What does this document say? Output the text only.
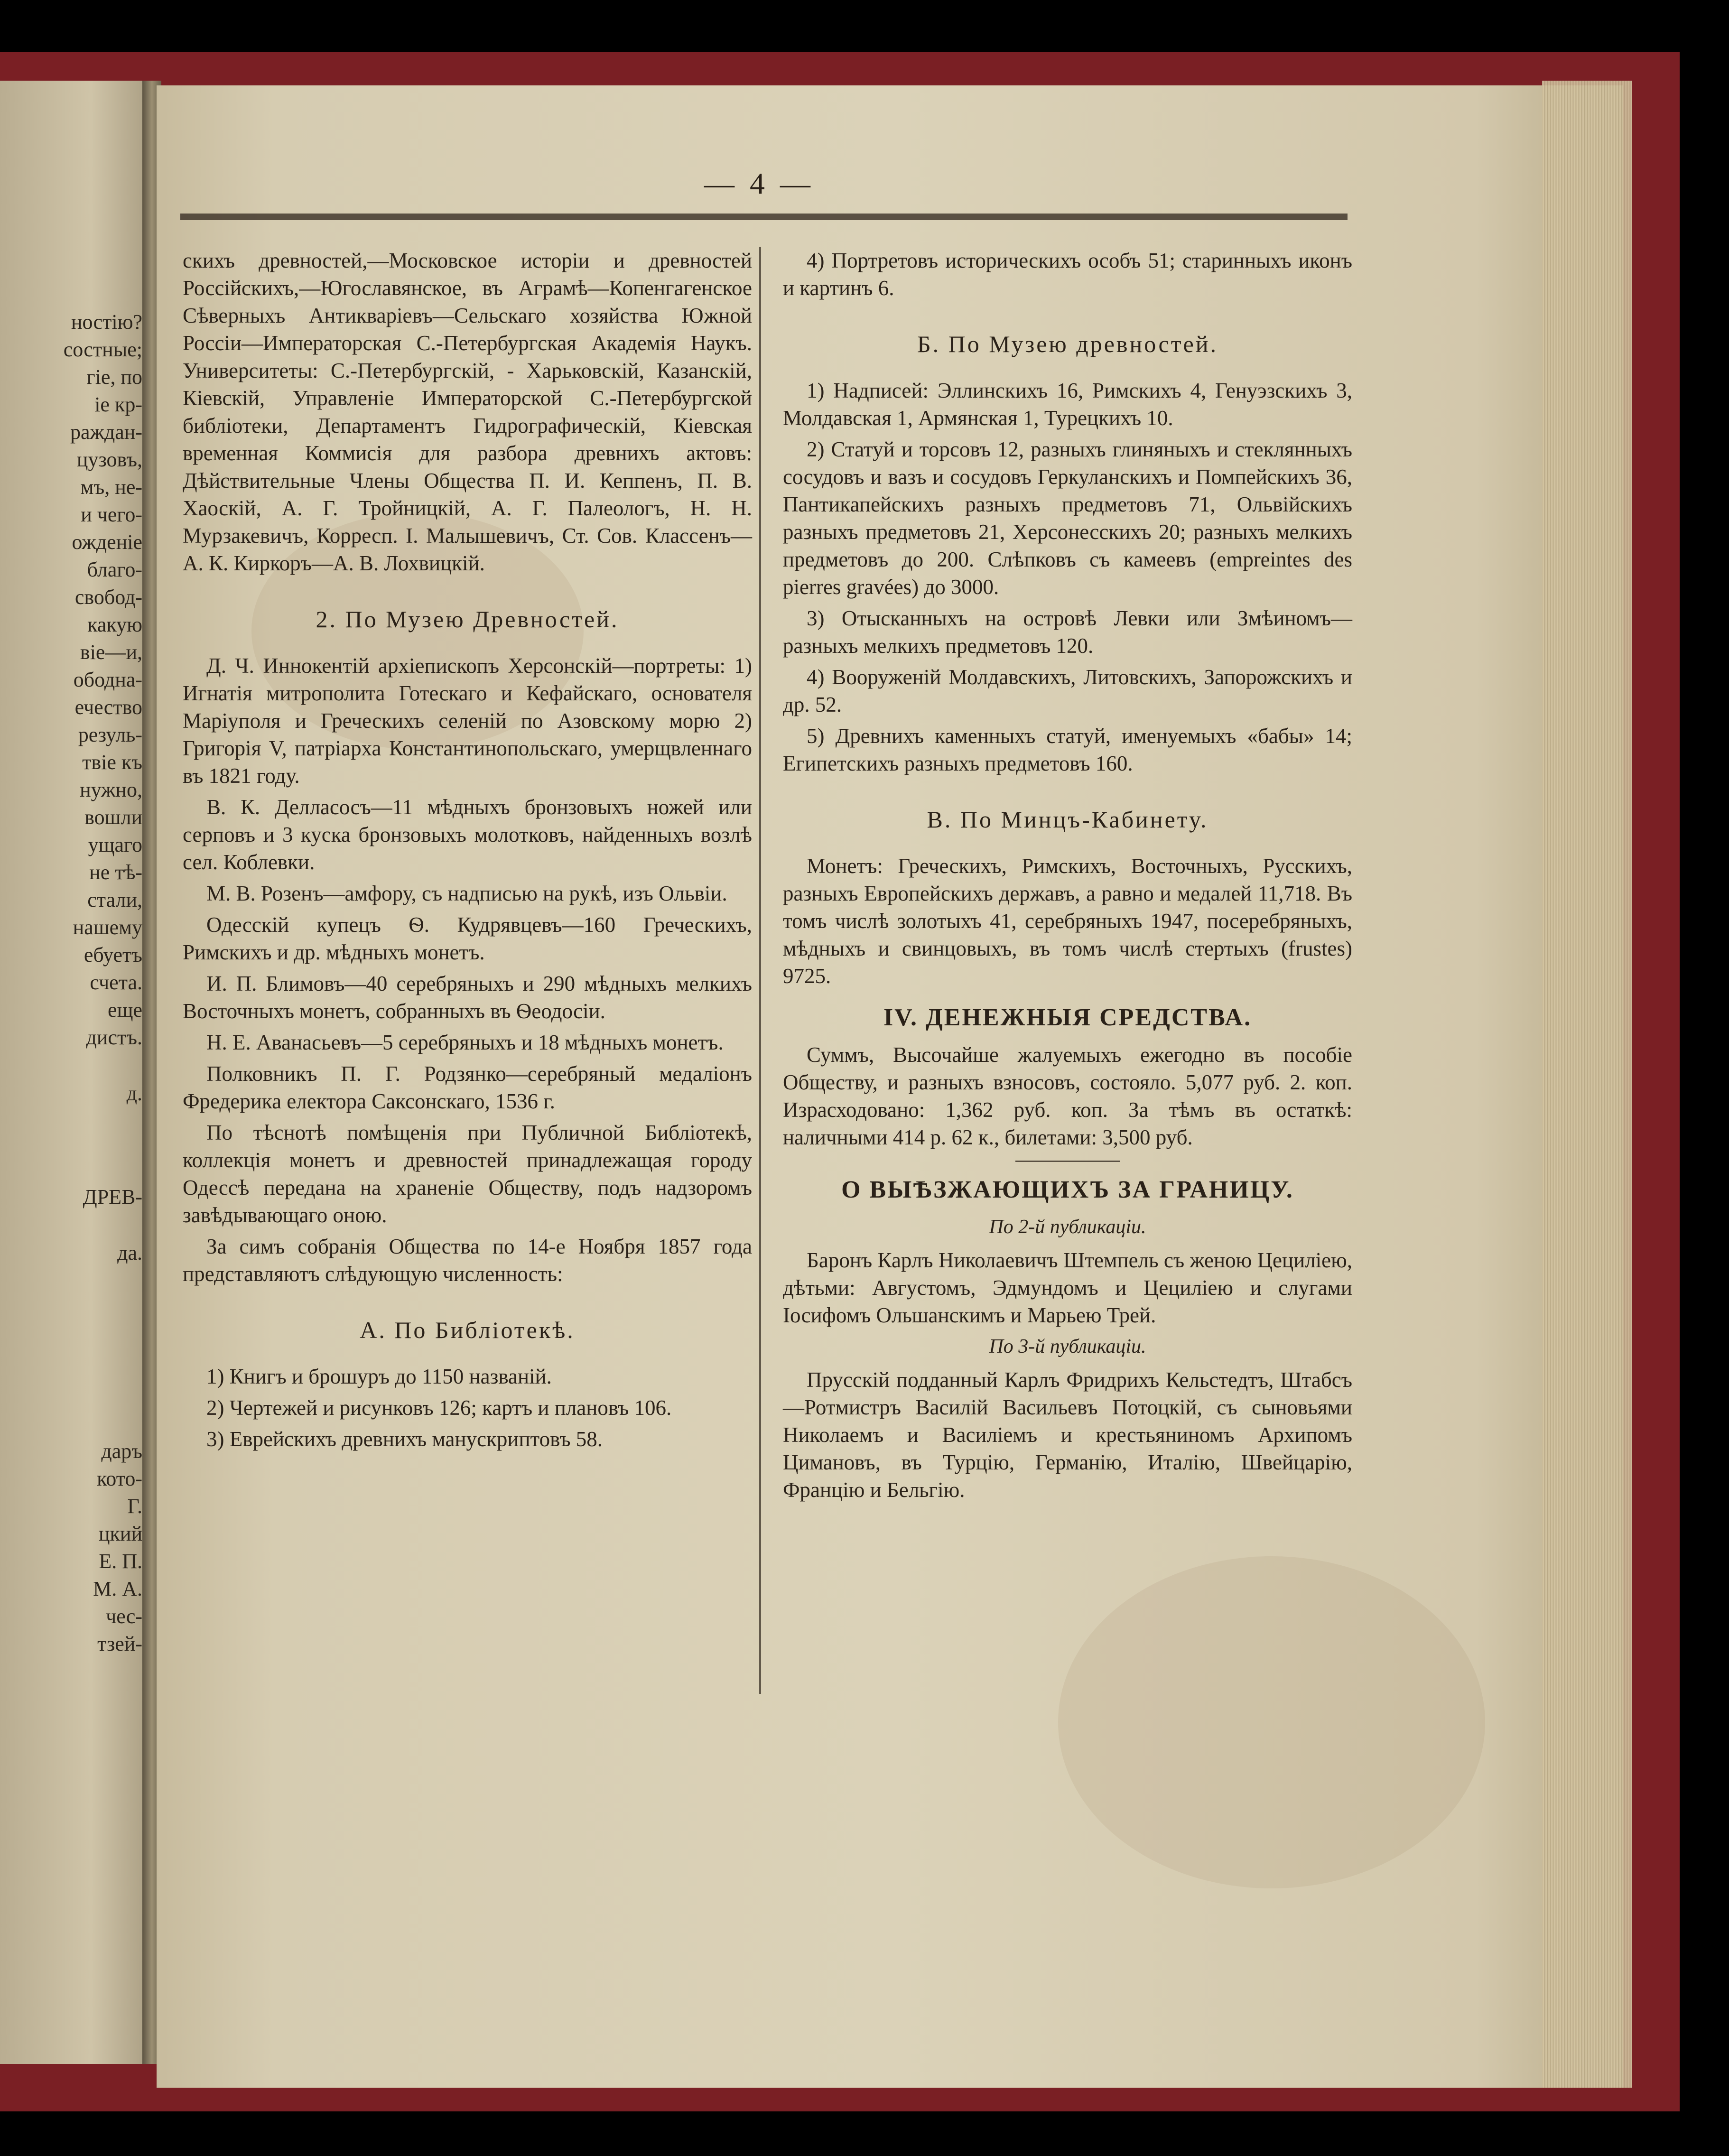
ностію?
состные;
гіе, по
іе кр-
раждан-
цузовъ,
мъ, не-
и чего-
ожденіе
благо-
свобод-
какую
віе—и,
ободна-
ечество
резуль-
твіе къ
нужно,
вошли
ущаго
не тѣ-
стали,
нашему
ебуетъ
счета.
ещe
дистъ.
д.
ДРЕВ-
да.
даръ
кото-
Г.
цкий
Е. П.
М. А.
чес-
тзей-
— 4 —

скихъ древностей,—Московское исторіи и древностей Россійскихъ,—Югославянское, въ Аграмѣ—Копенгагенское Сѣверныхъ Антикваріевъ—Сельскаго хозяйства Южной Россіи—Императорская С.-Петербургская Академія Наукъ. Университеты: С.-Петербургскій, - Харьковскій, Казанскій, Кіевскій, Управленіе Императорской С.-Петербургской библіотеки, Департаментъ Гидрографическій, Кіевская временная Коммисія для разбора древнихъ актовъ: Дѣйствительные Члены Общества П. И. Кеппенъ, П. В. Хаоскій, А. Г. Тройницкій, А. Г. Палеологъ, Н. Н. Мурзакевичъ, Корресп. І. Малышевичъ, Ст. Сов. Классенъ—А. К. Киркоръ—А. В. Лохвицкій.

2. По Музею Древностей.

Д. Ч. Иннокентій архіепископъ Херсонскій—портреты: 1) Игнатія митрополита Готескаго и Кефайскаго, основателя Маріуполя и Греческихъ селеній по Азовскому морю 2) Григорія V, патріарха Константинопольскаго, умерщвленнаго въ 1821 году.

В. К. Делласосъ—11 мѣдныхъ бронзовыхъ ножей или серповъ и 3 куска бронзовыхъ молотковъ, найденныхъ возлѣ сел. Коблевки.

М. В. Розенъ—амфору, съ надписью на рукѣ, изъ Ольвіи.

Одесскій купецъ Ѳ. Кудрявцевъ—160 Греческихъ, Римскихъ и др. мѣдныхъ монетъ.

И. П. Блимовъ—40 серебряныхъ и 290 мѣдныхъ мелкихъ Восточныхъ монетъ, собранныхъ въ Ѳеодосіи.

Н. Е. Аванасьевъ—5 серебряныхъ и 18 мѣдныхъ монетъ.

Полковникъ П. Г. Родзянко—серебряный медаліонъ Фредерика електора Саксонскаго, 1536 г.

По тѣснотѣ помѣщенія при Публичной Библіотекѣ, коллекція монетъ и древностей принадлежащая городу Одессѣ передана на храненіе Обществу, подъ надзоромъ завѣдывающаго оною.

За симъ собранія Общества по 14-е Ноября 1857 года представляютъ слѣдующую численность:

А. По Библіотекѣ.

1) Книгъ и брошуръ до 1150 названій.

2) Чертежей и рисунковъ 126; картъ и плановъ 106.

3) Еврейскихъ древнихъ манускриптовъ 58.

4) Портретовъ историческихъ особъ 51; старинныхъ иконъ и картинъ 6.

Б. По Музею древностей.

1) Надписей: Эллинскихъ 16, Римскихъ 4, Генуэзскихъ 3, Молдавская 1, Армянская 1, Турецкихъ 10.

2) Статуй и торсовъ 12, разныхъ глиняныхъ и стеклянныхъ сосудовъ и вазъ и сосудовъ Геркуланскихъ и Помпейскихъ 36, Пантикапейскихъ разныхъ предметовъ 71, Ольвійскихъ разныхъ предметовъ 21, Херсонесскихъ 20; разныхъ мелкихъ предметовъ до 200. Слѣпковъ съ камеевъ (empreintes des pierres gravées) до 3000.

3) Отысканныхъ на островѣ Левки или Змѣиномъ—разныхъ мелкихъ предметовъ 120.

4) Вооруженій Молдавскихъ, Литовскихъ, Запорожскихъ и др. 52.

5) Древнихъ каменныхъ статуй, именуемыхъ «бабы» 14; Египетскихъ разныхъ предметовъ 160.

В. По Минцъ-Кабинету.

Монетъ: Греческихъ, Римскихъ, Восточныхъ, Русскихъ, разныхъ Европейскихъ державъ, а равно и медалей 11,718. Въ томъ числѣ золотыхъ 41, серебряныхъ 1947, посеребряныхъ, мѣдныхъ и свинцовыхъ, въ томъ числѣ стертыхъ (frustes) 9725.

IV. ДЕНЕЖНЫЯ СРЕДСТВА.

Суммъ, Высочайше жалуемыхъ ежегодно въ пособіе Обществу, и разныхъ взносовъ, состояло. 5,077 руб. 2. коп. Израсходовано: 1,362 руб. коп. За тѣмъ въ остаткѣ: наличными 414 р. 62 к., билетами: 3,500 руб.

О ВЫѢЗЖАЮЩИХЪ ЗА ГРАНИЦУ.
По 2-й публикаціи.

Баронъ Карлъ Николаевичъ Штемпель съ женою Цециліею, дѣтьми: Августомъ, Эдмундомъ и Цециліею и слугами Іосифомъ Ольшанскимъ и Марьею Трей.

По 3-й публикаціи.

Прусскій подданный Карлъ Фридрихъ Кельстедтъ, Штабсъ—Ротмистръ Василій Васильевъ Потоцкій, съ сыновьями Николаемъ и Василіемъ и крестьяниномъ Архипомъ Цимановъ, въ Турцію, Германію, Италію, Швейцарію, Францію и Бельгію.
